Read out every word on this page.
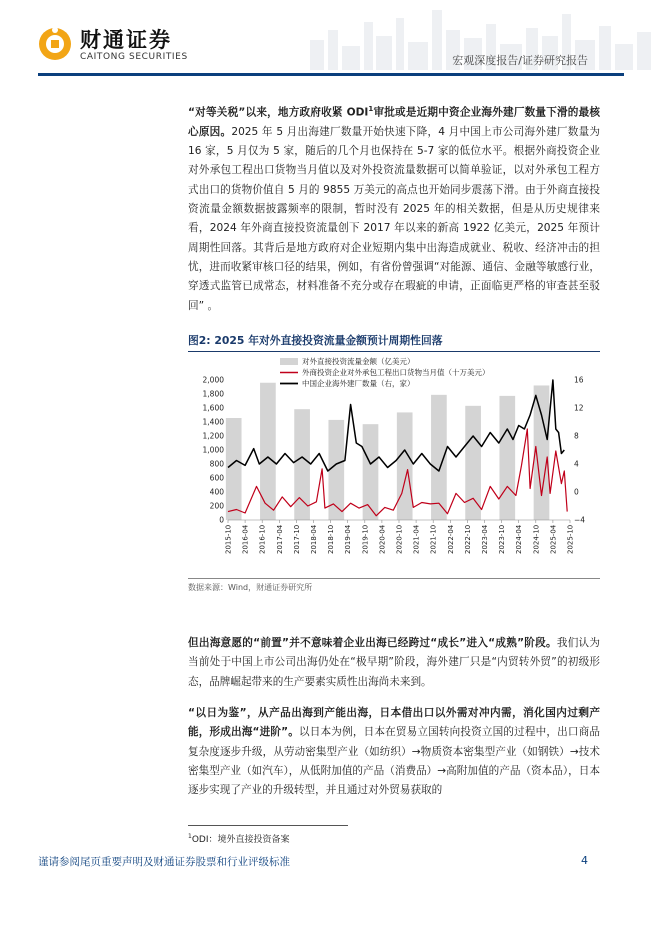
财通证券
CAITONG SECURITIES	宏观深度报告/证券研究报告

“对等关税”以来，地方政府收紧 ODI$^1$审批或是近期中资企业海外建厂数量下滑的最核心原因。2025 年 5 月出海建厂数量开始快速下降，4 月中国上市公司海外建厂数量为 16 家，5 月仅为 5 家，随后的几个月也保持在 5-7 家的低位水平。根据外商投资企业对外承包工程出口货物当月值以及对外投资流量数据可以简单验证，以对外承包工程方式出口的货物价值自 5 月的 9855 万美元的高点也开始同步震荡下滑。由于外商直接投资流量金额数据披露频率的限制，暂时没有 2025 年的相关数据，但是从历史规律来看，2024 年外商直接投资流量创下 2017 年以来的新高 1922 亿美元，2025 年预计周期性回落。其背后是地方政府对企业短期内集中出海造成就业、税收、经济冲击的担忧，进而收紧审核口径的结果，例如，有省份曾强调“对能源、通信、金融等敏感行业，穿透式监管已成常态，材料准备不充分或存在瑕疵的申请，正面临更严格的审查甚至驳回” 。

图2: 2025 年对外直接投资流量金额预计周期性回落
0
200
400
600
800
1,000
1,200
1,400
1,600
1,800
2,000
−4
0
4
8
12
16
2015-10 2016-04 2016-10 2017-04 2017-10 2018-04 2018-10 2019-04 2019-10 2020-04 2020-10 2021-04 2021-10 2022-04 2022-10 2023-04 2023-10 2024-04 2024-10 2025-04 2025-10
对外直接投资流量金额（亿美元）
外商投资企业对外承包工程出口货物当月值（十万美元）
中国企业海外建厂数量（右，家）
数据来源：Wind，财通证券研究所

但出海意愿的“前置”并不意味着企业出海已经跨过“成长”进入“成熟”阶段。我们认为当前处于中国上市公司出海仍处在“极早期”阶段，海外建厂只是“内贸转外贸”的初级形态，品牌崛起带来的生产要素实质性出海尚未来到。

“以日为鉴”，从产品出海到产能出海，日本借出口以外需对冲内需，消化国内过剩产能，形成出海“进阶”。以日本为例，日本在贸易立国转向投资立国的过程中，出口商品复杂度逐步升级，从劳动密集型产业（如纺织）→物质资本密集型产业（如钢铁）→技术密集型产业（如汽车），从低附加值的产品（消费品）→高附加值的产品（资本品），日本逐步实现了产业的升级转型，并且通过对外贸易获取的

$^1$ODI：境外直接投资备案
谨请参阅尾页重要声明及财通证券股票和行业评级标准	4
